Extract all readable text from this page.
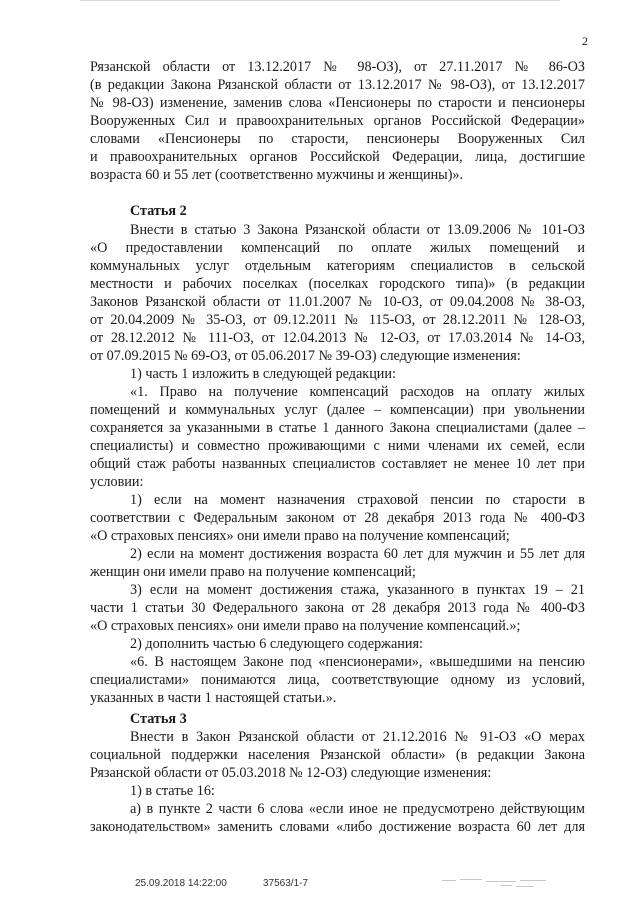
2
Рязанской области от 13.12.2017 № 98-ОЗ), от 27.11.2017 № 86-ОЗ
(в редакции Закона Рязанской области от 13.12.2017 № 98-ОЗ), от 13.12.2017
№ 98-ОЗ) изменение, заменив слова «Пенсионеры по старости и пенсионеры
Вооруженных Сил и правоохранительных органов Российской Федерации»
словами «Пенсионеры по старости, пенсионеры Вооруженных Сил
и правоохранительных органов Российской Федерации, лица, достигшие
возраста 60 и 55 лет (соответственно мужчины и женщины)».
Статья 2
Внести в статью 3 Закона Рязанской области от 13.09.2006 № 101-ОЗ
«О предоставлении компенсаций по оплате жилых помещений и
коммунальных услуг отдельным категориям специалистов в сельской
местности и рабочих поселках (поселках городского типа)» (в редакции
Законов Рязанской области от 11.01.2007 № 10-ОЗ, от 09.04.2008 № 38-ОЗ,
от 20.04.2009 № 35-ОЗ, от 09.12.2011 № 115-ОЗ, от 28.12.2011 № 128-ОЗ,
от 28.12.2012 № 111-ОЗ, от 12.04.2013 № 12-ОЗ, от 17.03.2014 № 14-ОЗ,
от 07.09.2015 № 69-ОЗ, от 05.06.2017 № 39-ОЗ) следующие изменения:
1) часть 1 изложить в следующей редакции:
«1. Право на получение компенсаций расходов на оплату жилых
помещений и коммунальных услуг (далее – компенсации) при увольнении
сохраняется за указанными в статье 1 данного Закона специалистами (далее –
специалисты) и совместно проживающими с ними членами их семей, если
общий стаж работы названных специалистов составляет не менее 10 лет при
условии:
1) если на момент назначения страховой пенсии по старости в
соответствии с Федеральным законом от 28 декабря 2013 года № 400-ФЗ
«О страховых пенсиях» они имели право на получение компенсаций;
2) если на момент достижения возраста 60 лет для мужчин и 55 лет для
женщин они имели право на получение компенсаций;
3) если на момент достижения стажа, указанного в пунктах 19 – 21
части 1 статьи 30 Федерального закона от 28 декабря 2013 года № 400-ФЗ
«О страховых пенсиях» они имели право на получение компенсаций.»;
2) дополнить частью 6 следующего содержания:
«6. В настоящем Законе под «пенсионерами», «вышедшими на пенсию
специалистами» понимаются лица, соответствующие одному из условий,
указанных в части 1 настоящей статьи.».
Статья 3
Внести в Закон Рязанской области от 21.12.2016 № 91-ОЗ «О мерах
социальной поддержки населения Рязанской области» (в редакции Закона
Рязанской области от 05.03.2018 № 12-ОЗ) следующие изменения:
1) в статье 16:
а) в пункте 2 части 6 слова «если иное не предусмотрено действующим
законодательством» заменить словами «либо достижение возраста 60 лет для
25.09.2018 14:22:00	37563/1-7
